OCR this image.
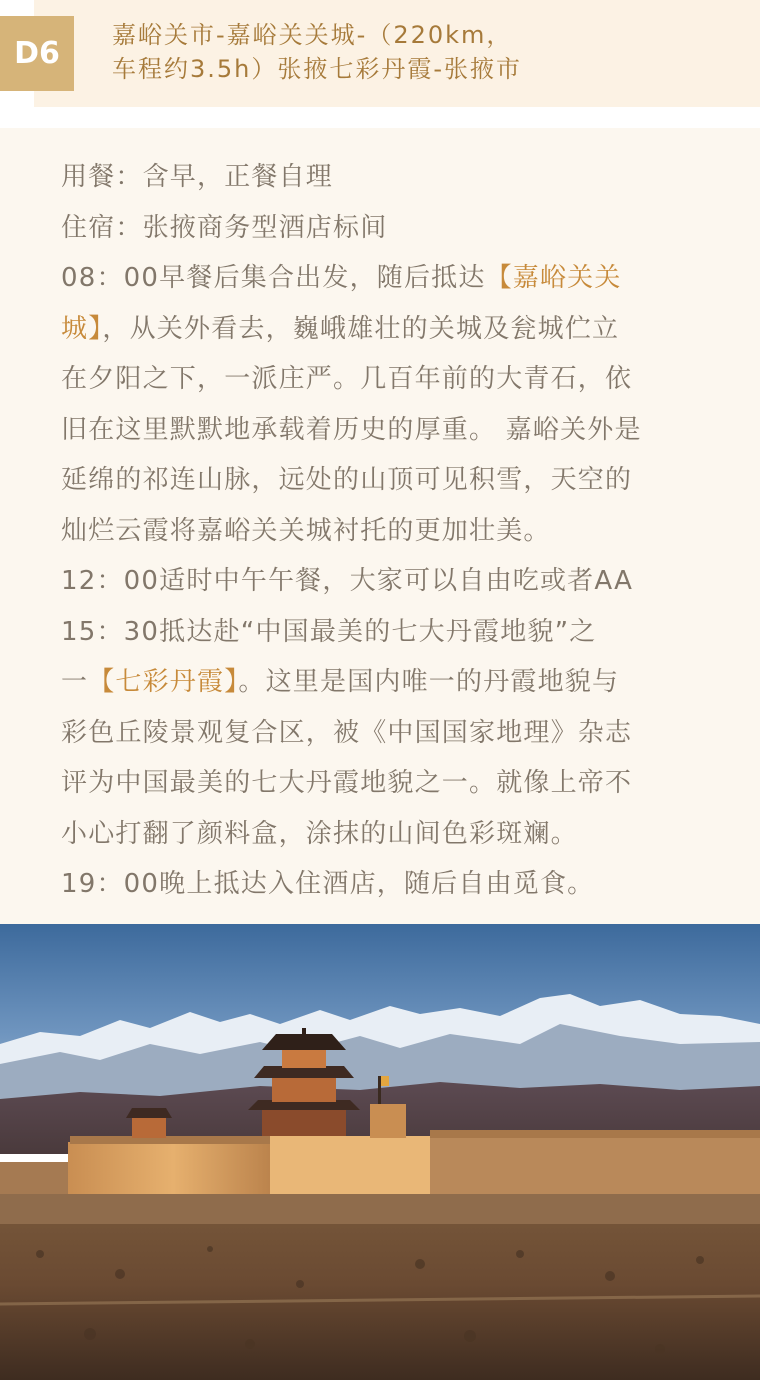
D6
嘉峪关市-嘉峪关关城-（220km，
车程约3.5h）张掖七彩丹霞-张掖市
用餐：含早，正餐自理
住宿：张掖商务型酒店标间
08：00早餐后集合出发，随后抵达【嘉峪关关
城】，从关外看去，巍峨雄壮的关城及瓮城伫立
在夕阳之下，一派庄严。几百年前的大青石，依
旧在这里默默地承载着历史的厚重。 嘉峪关外是
延绵的祁连山脉，远处的山顶可见积雪，天空的
灿烂云霞将嘉峪关关城衬托的更加壮美。
12：00适时中午午餐，大家可以自由吃或者AA
15：30抵达赴“中国最美的七大丹霞地貌”之
一【七彩丹霞】。这里是国内唯一的丹霞地貌与
彩色丘陵景观复合区，被《中国国家地理》杂志
评为中国最美的七大丹霞地貌之一。就像上帝不
小心打翻了颜料盒，涂抹的山间色彩斑斓。
19：00晚上抵达入住酒店，随后自由觅食。
